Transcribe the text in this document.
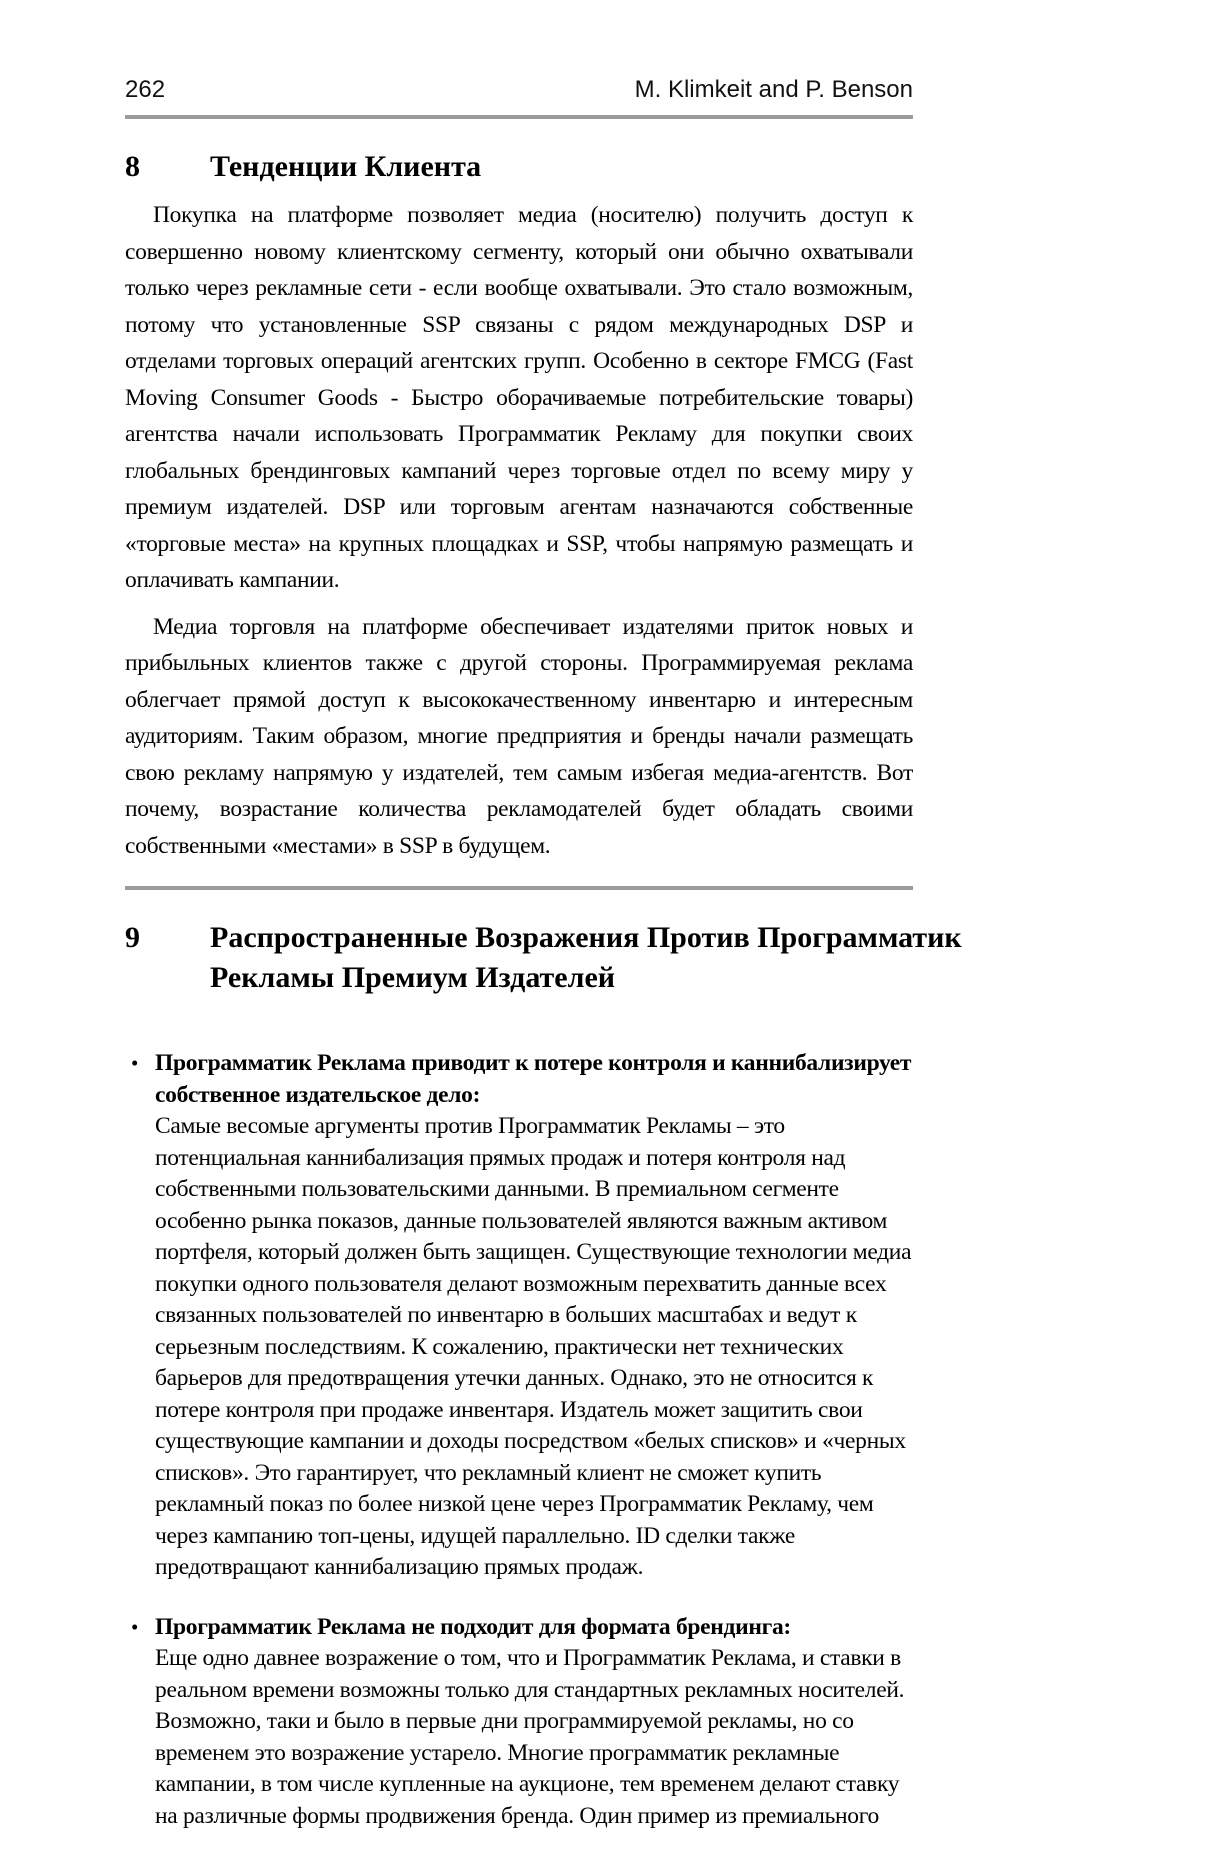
262	M. Klimkeit and P. Benson
8	Тенденции Клиента

Покупка на платформе позволяет медиа (носителю) получить доступ к совершенно новому клиентскому сегменту, который они обычно охватывали только через рекламные сети - если вообще охватывали. Это стало возможным, потому что установленные SSP связаны с рядом международных DSP и отделами торговых операций агентских групп. Особенно в секторе FMCG (Fast Moving Consumer Goods - Быстро оборачиваемые потребительские товары) агентства начали использовать Программатик Рекламу для покупки своих глобальных брендинговых кампаний через торговые отдел по всему миру у премиум издателей. DSP или торговым агентам назначаются собственные «торговые места» на крупных площадках и SSP, чтобы напрямую размещать и оплачивать кампании.

Медиа торговля на платформе обеспечивает издателями приток новых и прибыльных клиентов также с другой стороны. Программируемая реклама облегчает прямой доступ к высококачественному инвентарю и интересным аудиториям. Таким образом, многие предприятия и бренды начали размещать свою рекламу напрямую у издателей, тем самым избегая медиа-агентств. Вот почему, возрастание количества рекламодателей будет обладать своими собственными «местами» в SSP в будущем.

9	Распространенные Возражения Против Программатик
Рекламы Премиум Издателей
• Программатик Реклама приводит к потере контроля и каннибализирует собственное издательское дело:
Самые весомые аргументы против Программатик Рекламы – это потенциальная каннибализация прямых продаж и потеря контроля над собственными пользовательскими данными. В премиальном сегменте особенно рынка показов, данные пользователей являются важным активом портфеля, который должен быть защищен. Существующие технологии медиа покупки одного пользователя делают возможным перехватить данные всех связанных пользователей по инвентарю в больших масштабах и ведут к серьезным последствиям. К сожалению, практически нет технических барьеров для предотвращения утечки данных. Однако, это не относится к потере контроля при продаже инвентаря. Издатель может защитить свои существующие кампании и доходы посредством «белых списков» и «черных списков». Это гарантирует, что рекламный клиент не сможет купить рекламный показ по более низкой цене через Программатик Рекламу, чем через кампанию топ-цены, идущей параллельно. ID сделки также предотвращают каннибализацию прямых продаж.
• Программатик Реклама не подходит для формата брендинга:
Еще одно давнее возражение о том, что и Программатик Реклама, и ставки в реальном времени возможны только для стандартных рекламных носителей. Возможно, таки и было в первые дни программируемой рекламы, но со временем это возражение устарело. Многие программатик рекламные кампании, в том числе купленные на аукционе, тем временем делают ставку на различные формы продвижения бренда. Один пример из премиального
